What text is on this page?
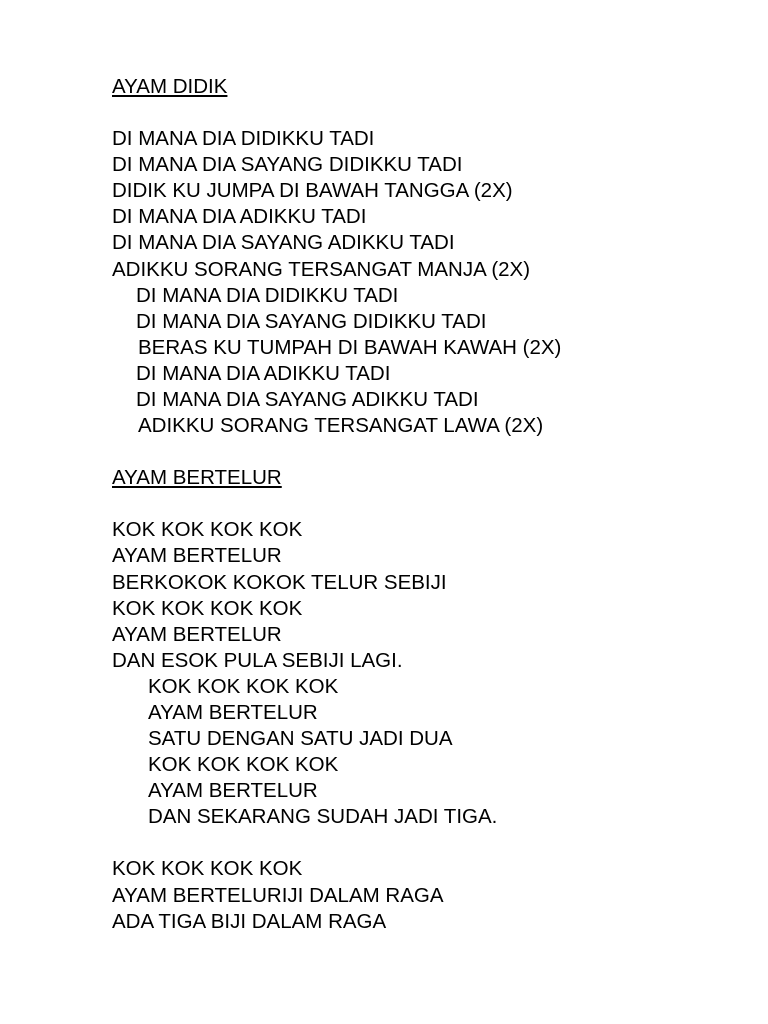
AYAM DIDIK
DI MANA DIA DIDIKKU TADI
DI MANA DIA SAYANG DIDIKKU TADI
DIDIK KU JUMPA DI BAWAH TANGGA (2X)
DI MANA DIA ADIKKU TADI
DI MANA DIA SAYANG ADIKKU TADI
ADIKKU SORANG TERSANGAT MANJA (2X)
DI MANA DIA DIDIKKU TADI
DI MANA DIA SAYANG DIDIKKU TADI
BERAS KU TUMPAH DI BAWAH KAWAH (2X)
DI MANA DIA ADIKKU TADI
DI MANA DIA SAYANG ADIKKU TADI
ADIKKU SORANG TERSANGAT LAWA (2X)
AYAM BERTELUR
KOK KOK KOK KOK
AYAM BERTELUR
BERKOKOK KOKOK TELUR SEBIJI
KOK KOK KOK KOK
AYAM BERTELUR
DAN ESOK PULA SEBIJI LAGI.
KOK KOK KOK KOK
AYAM BERTELUR
SATU DENGAN SATU JADI DUA
KOK KOK KOK KOK
AYAM BERTELUR
DAN SEKARANG SUDAH JADI TIGA.
KOK KOK KOK KOK
AYAM BERTELURIJI DALAM RAGA
ADA TIGA BIJI DALAM RAGA
